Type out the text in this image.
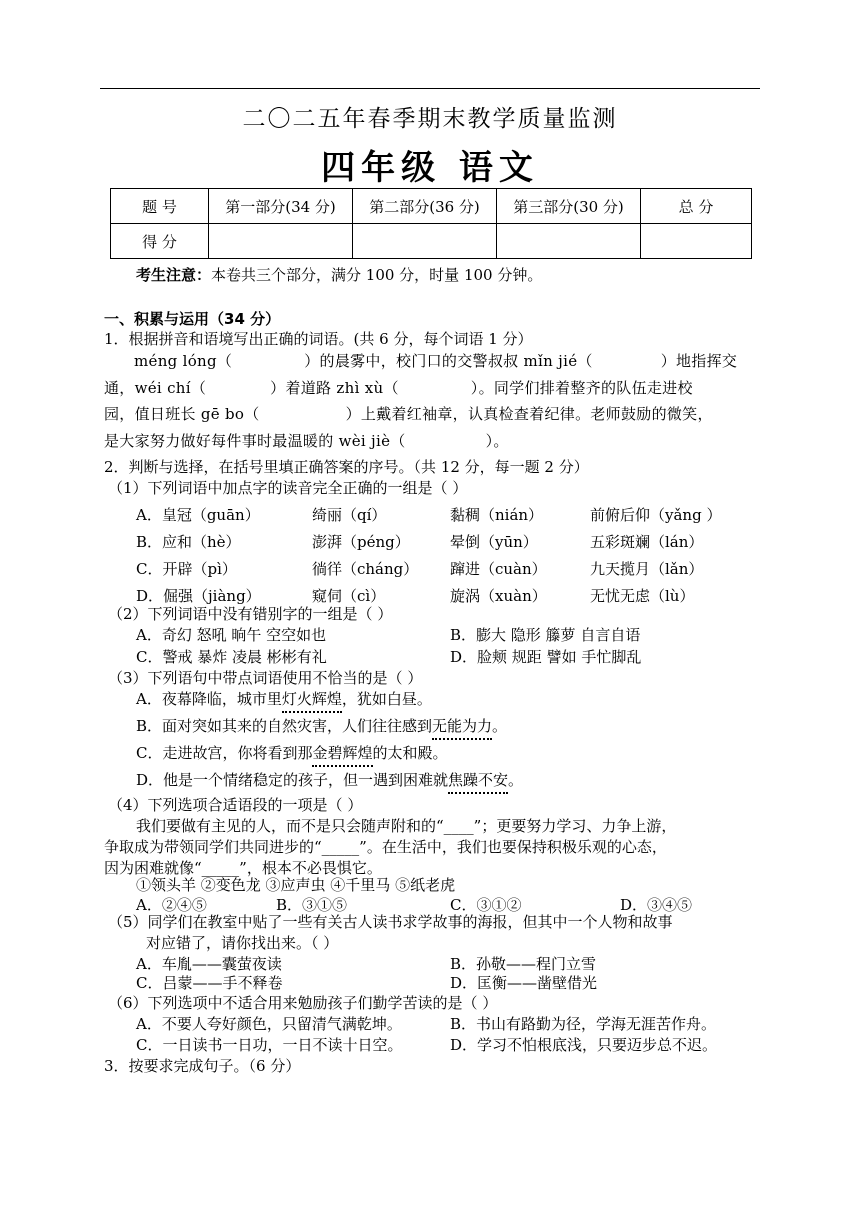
二〇二五年春季期末教学质量监测
四年级 语文
题 号	第一部分(34 分)	第二部分(36 分)	第三部分(30 分)	总 分
得 分				
考生注意：本卷共三个部分，满分 100 分，时量 100 分钟。
一、积累与运用（34 分）
1．根据拼音和语境写出正确的词语。(共 6 分，每个词语 1 分）
méng lóng（	）的晨雾中，校门口的交警叔叔 mǐn jié（	）地指挥交
通，wéi chí（	）着道路 zhì xù（	）。同学们排着整齐的队伍走进校
园，值日班长 gē bo（	）上戴着红袖章，认真检查着纪律。老师鼓励的微笑，
是大家努力做好每件事时最温暖的 wèi jiè（	）。
2．判断与选择，在括号里填正确答案的序号。（共 12 分，每一题 2 分）
（1）下列词语中加点字的读音完全正确的一组是（ ）
A．皇冠（guān）	绮丽（qí）	黏稠（nián）	前俯后仰（yǎng ）
B．应和（hè）	澎湃（péng）	晕倒（yūn）	五彩斑斓（lán）
C．开辟（pì）	徜徉（cháng） 蹿进（cuàn）	九天揽月（lǎn）
D．倔强（jiàng）	窥伺（cì）	旋涡（xuàn）	无忧无虑（lù）
（2）下列词语中没有错别字的一组是（ ）
A．奇幻 怒吼 晌午 空空如也	B．膨大 隐形 籐萝 自言自语
C．警戒 暴炸 凌晨 彬彬有礼	D．脸颊 规距 譬如 手忙脚乱
（3）下列语句中带点词语使用不恰当的是（ ）
A．夜幕降临，城市里灯火辉煌，犹如白昼。
B．面对突如其来的自然灾害，人们往往感到无能为力。
C．走进故宫，你将看到那金碧辉煌的太和殿。
D．他是一个情绪稳定的孩子，但一遇到困难就焦躁不安。
（4）下列选项合适语段的一项是（ ）
我们要做有主见的人，而不是只会随声附和的“____”；更要努力学习、力争上游，
争取成为带领同学们共同进步的“_____”。在生活中，我们也要保持积极乐观的心态，
因为困难就像“_____”，根本不必畏惧它。
①领头羊 ②变色龙 ③应声虫 ④千里马 ⑤纸老虎
A．②④⑤	B．③①⑤	C．③①②	D．③④⑤
（5）同学们在教室中贴了一些有关古人读书求学故事的海报，但其中一个人物和故事
对应错了，请你找出来。（ ）
A．车胤——囊萤夜读	B．孙敬——程门立雪
C．吕蒙——手不释卷	D．匡衡——凿壁借光
（6）下列选项中不适合用来勉励孩子们勤学苦读的是（ ）
A．不要人夸好颜色，只留清气满乾坤。	B．书山有路勤为径，学海无涯苦作舟。
C．一日读书一日功，一日不读十日空。	D．学习不怕根底浅，只要迈步总不迟。
3．按要求完成句子。（6 分）
